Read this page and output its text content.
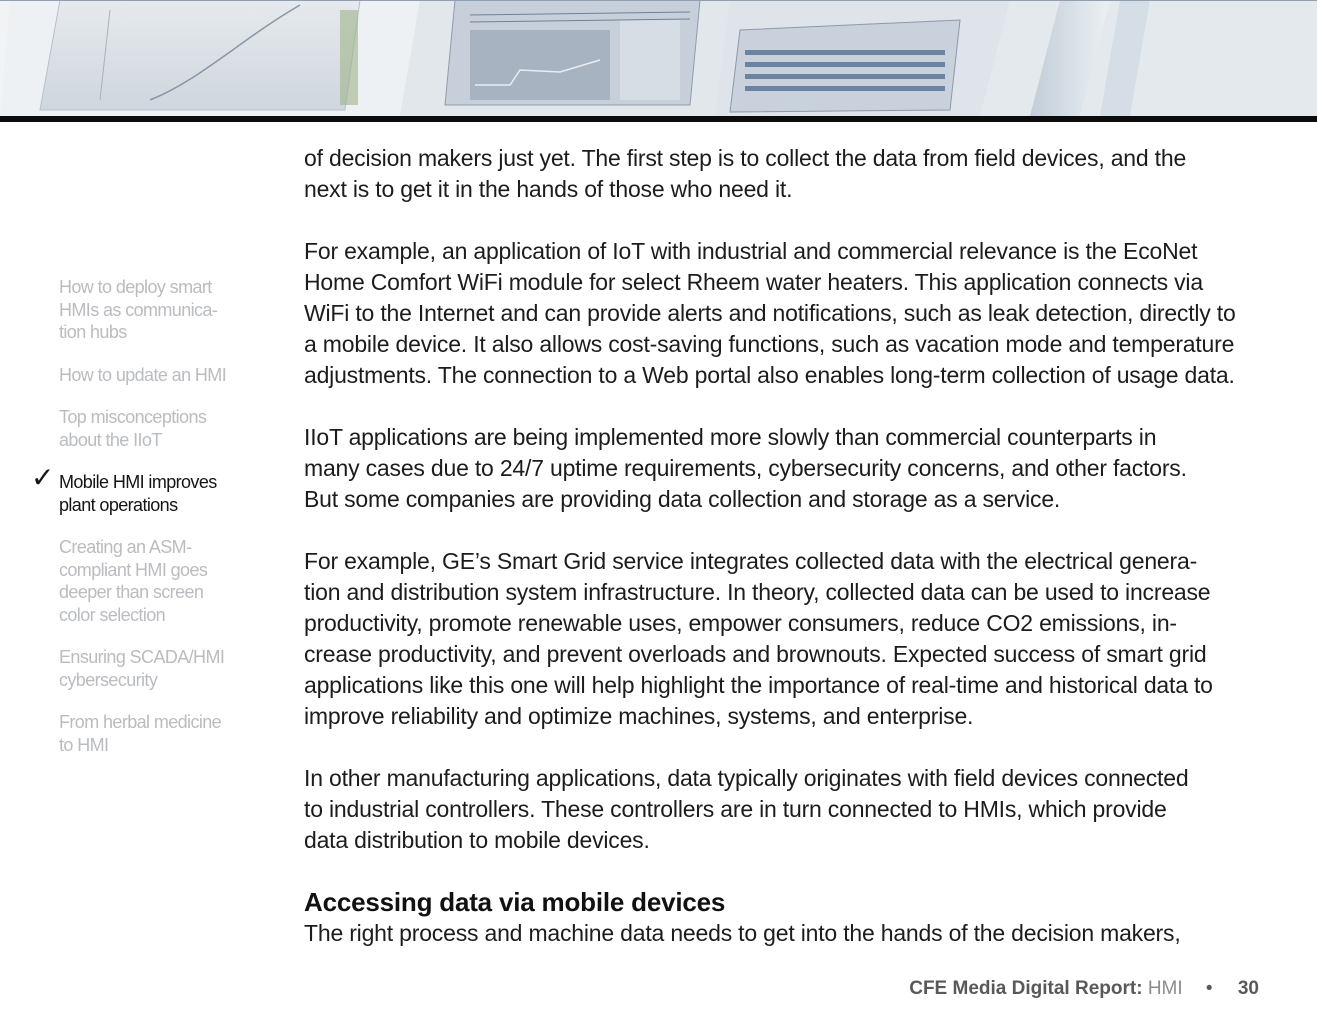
How to deploy smart
HMIs as communica-
tion hubs
How to update an HMI
Top misconceptions
about the IIoT
✓ Mobile HMI improves
plant operations
Creating an ASM-
compliant HMI goes
deeper than screen
color selection
Ensuring SCADA/HMI
cybersecurity
From herbal medicine
to HMI

of decision makers just yet. The first step is to collect the data from field devices, and the
next is to get it in the hands of those who need it.

For example, an application of IoT with industrial and commercial relevance is the EcoNet
Home Comfort WiFi module for select Rheem water heaters. This application connects via
WiFi to the Internet and can provide alerts and notifications, such as leak detection, directly to
a mobile device. It also allows cost-saving functions, such as vacation mode and temperature
adjustments. The connection to a Web portal also enables long-term collection of usage data.

IIoT applications are being implemented more slowly than commercial counterparts in
many cases due to 24/7 uptime requirements, cybersecurity concerns, and other factors.
But some companies are providing data collection and storage as a service.

For example, GE’s Smart Grid service integrates collected data with the electrical genera-
tion and distribution system infrastructure. In theory, collected data can be used to increase
productivity, promote renewable uses, empower consumers, reduce CO2 emissions, in-
crease productivity, and prevent overloads and brownouts. Expected success of smart grid
applications like this one will help highlight the importance of real-time and historical data to
improve reliability and optimize machines, systems, and enterprise.

In other manufacturing applications, data typically originates with field devices connected
to industrial controllers. These controllers are in turn connected to HMIs, which provide
data distribution to mobile devices.

Accessing data via mobile devices

The right process and machine data needs to get into the hands of the decision makers,

CFE Media Digital Report: HMI • 30
